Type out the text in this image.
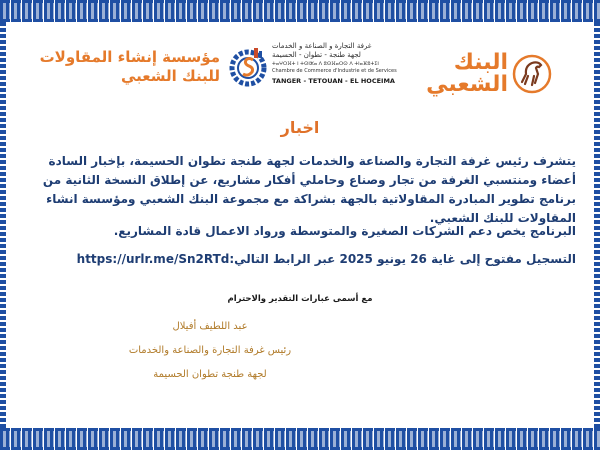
مؤسسة إنشاء المقاولات
للبنك الشعبي
غرفة التجارة و الصناعة و الخدمات
لجهة طنجة - تطوان - الحسيمة
ⵜⴰⵖⵔⴼⵜ ⵏ ⵜⵙⵏⵣⴰ ⴷ ⵓⵙⴼⴰⵔⵙ ⴷ ⵜⵏⴰⴼⵓⵜⵉⵏ
Chambre de Commerce d'Industrie et de Services
TANGER - TETOUAN - EL HOCEIMA
البنك الشعبي
اخبار
يتشرف رئيس غرفة التجارة والصناعة والخدمات لجهة طنجة تطوان الحسيمة، بإخبار السادة أعضاء ومنتسبي الغرفة من تجار وصناع وحاملي أفكار مشاريع، عن إطلاق النسخة الثانية من برنامج تطوير المبادرة المقاولاتية بالجهة بشراكة مع مجموعة البنك الشعبي ومؤسسة انشاء المقاولات للبنك الشعبي.
البرنامج يخص دعم الشركات الصغيرة والمتوسطة ورواد الاعمال قادة المشاريع.
التسجيل مفتوح إلى غاية 26 يونيو 2025 عبر الرابط التالي:https://urlr.me/Sn2RTd
مع أسمى عبارات التقدير والاحترام
عبد اللطيف أفيلال
رئيس غرفة التجارة والصناعة والخدمات
لجهة طنجة تطوان الحسيمة
